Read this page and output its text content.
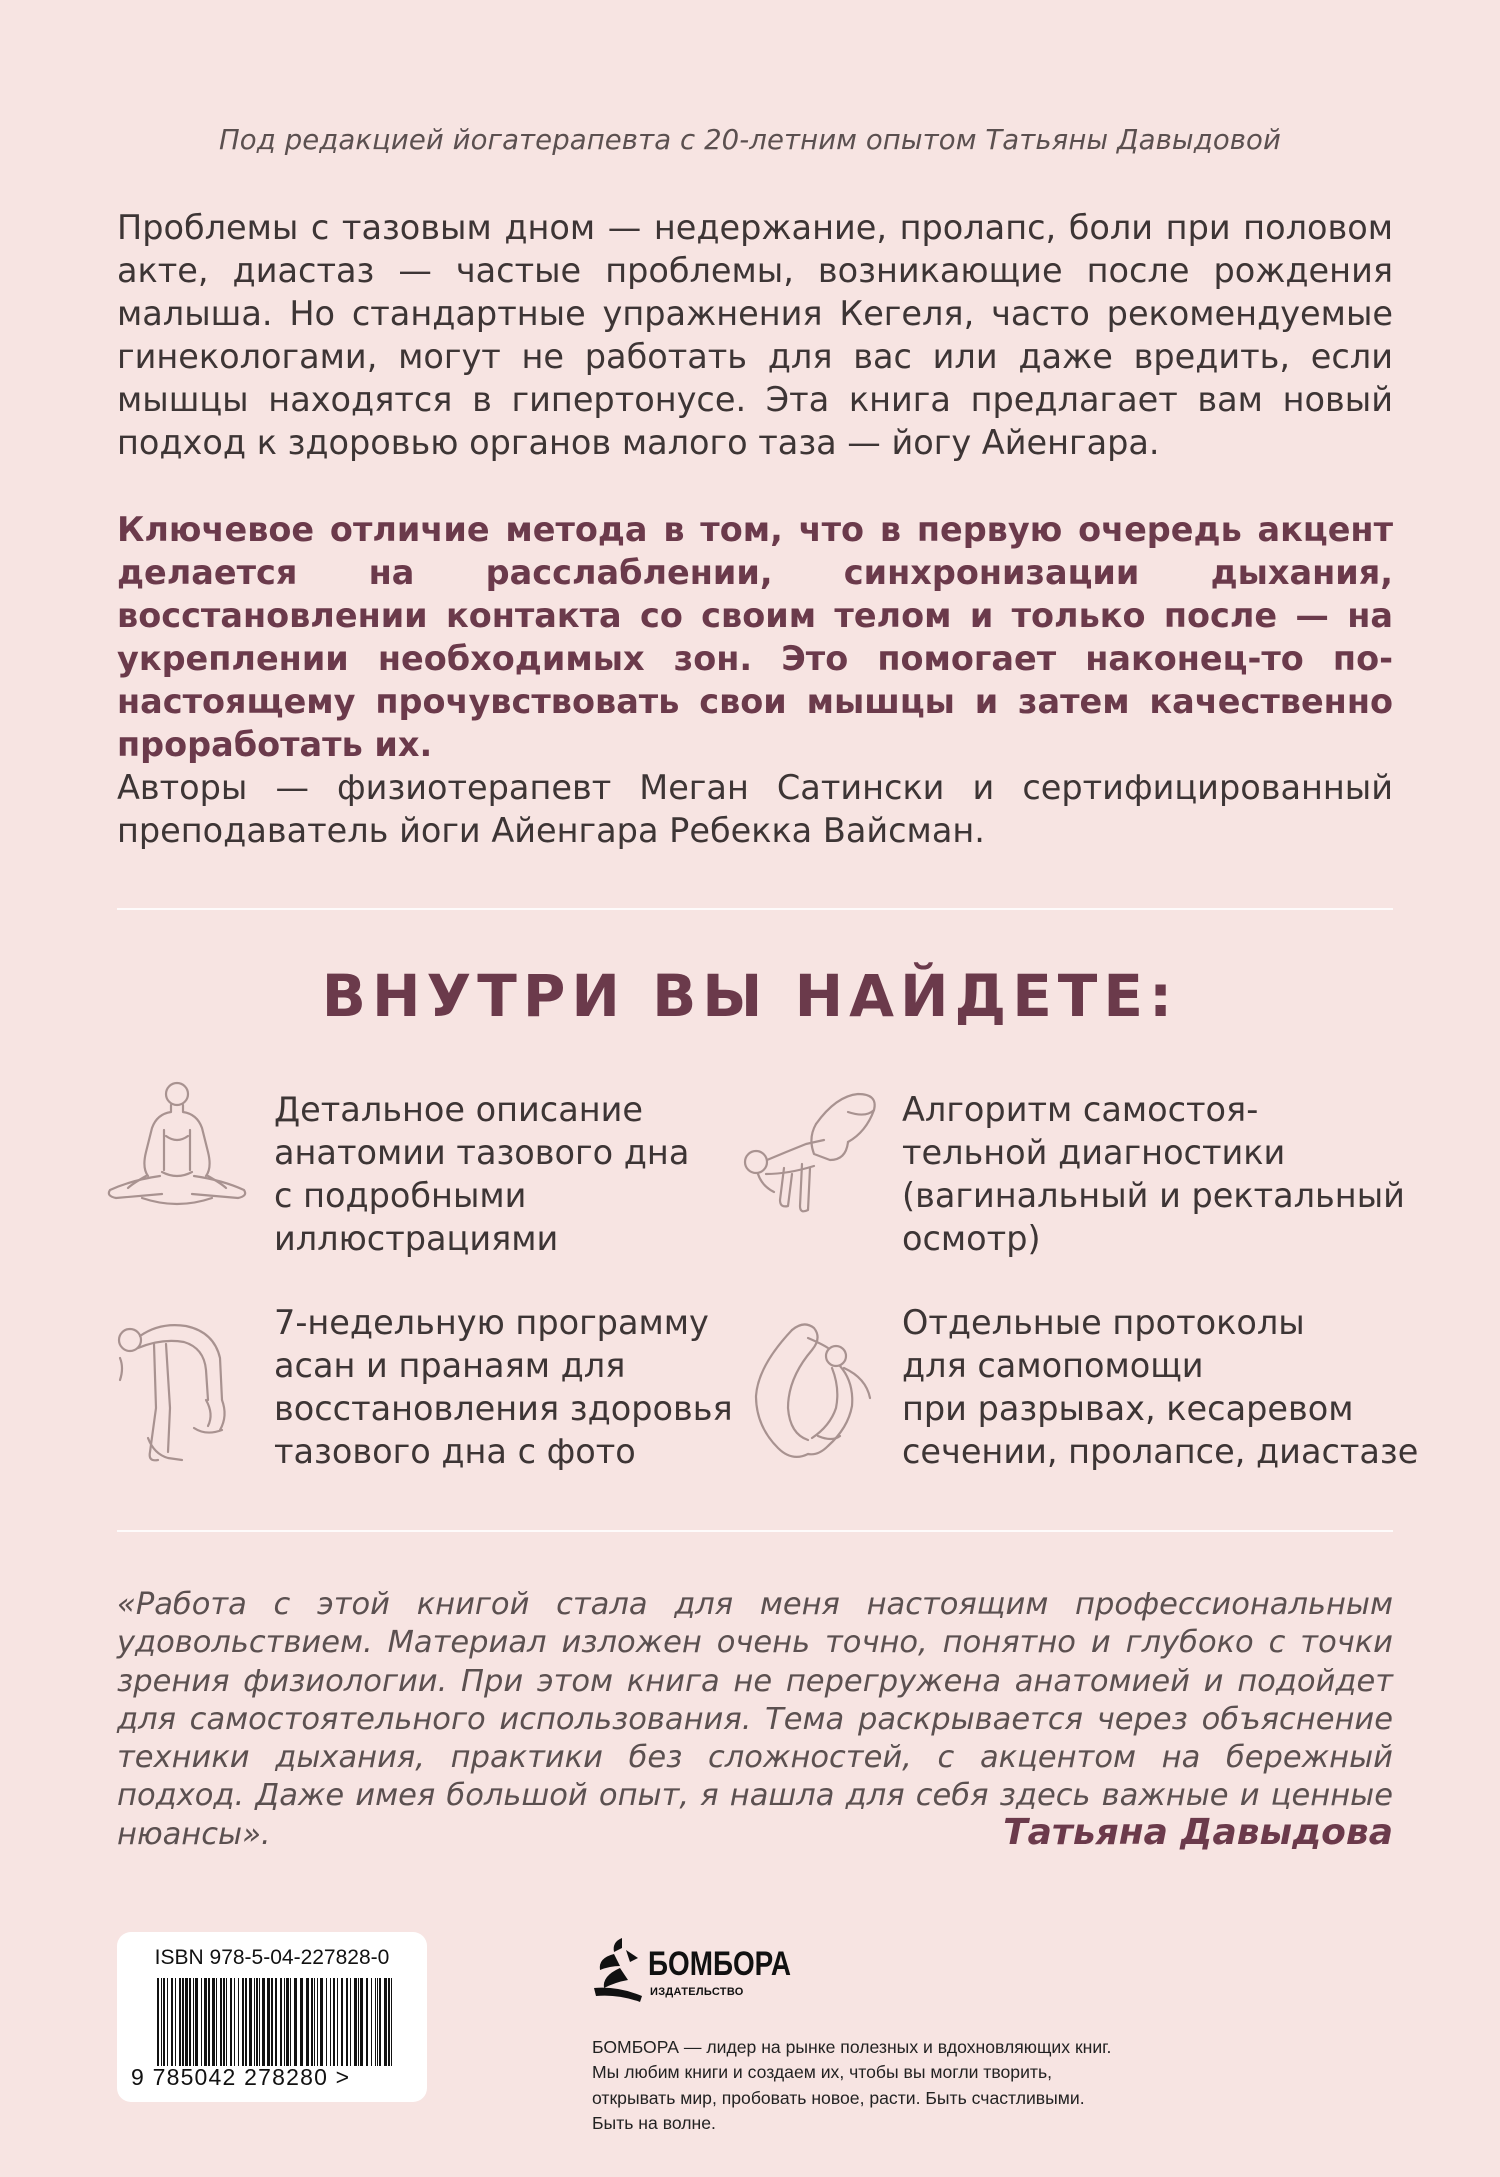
Под редакцией йогатерапевта с 20-летним опытом Татьяны Давыдовой
Проблемы с тазовым дном — недержание, пролапс, боли при половом акте, диастаз — частые проблемы, возникающие после рождения малыша. Но стандартные упражнения Кегеля, часто рекомендуемые гинекологами, могут не работать для вас или даже вредить, если мышцы находятся в гипертонусе. Эта книга предлагает вам новый подход к здоровью органов малого таза — йогу Айенгара.
Ключевое отличие метода в том, что в первую очередь акцент делается на расслаблении, синхронизации дыхания, восстановлении контакта со своим телом и только после — на укреплении необходимых зон. Это помогает наконец-то по-настоящему прочувствовать свои мышцы и затем качественно проработать их.
Авторы — физиотерапевт Меган Сатински и сертифицированный преподаватель йоги Айенгара Ребекка Вайсман.
ВНУТРИ ВЫ НАЙДЕТЕ:
Детальное описание
анатомии тазового дна
с подробными
иллюстрациями
Алгоритм самостоя-
тельной диагностики
(вагинальный и ректальный
осмотр)
7-недельную программу
асан и пранаям для
восстановления здоровья
тазового дна с фото
Отдельные протоколы
для самопомощи
при разрывах, кесаревом
сечении, пролапсе, диастазе
«Работа с этой книгой стала для меня настоящим профессиональным удовольствием. Материал изложен очень точно, понятно и глубоко с точки зрения физиологии. При этом книга не перегружена анатомией и подойдет для самостоятельного использования. Тема раскрывается через объяснение техники дыхания, практики без сложностей, с акцентом на бережный подход. Даже имея большой опыт, я нашла для себя здесь важные и ценные нюансы».	Татьяна Давыдова
ISBN 978-5-04-227828-0
9 785042 278280 >
БОМБОРА
ИЗДАТЕЛЬСТВО
БОМБОРА — лидер на рынке полезных и вдохновляющих книг. Мы любим книги и создаем их, чтобы вы могли творить, открывать мир, пробовать новое, расти. Быть счастливыми. Быть на волне.
